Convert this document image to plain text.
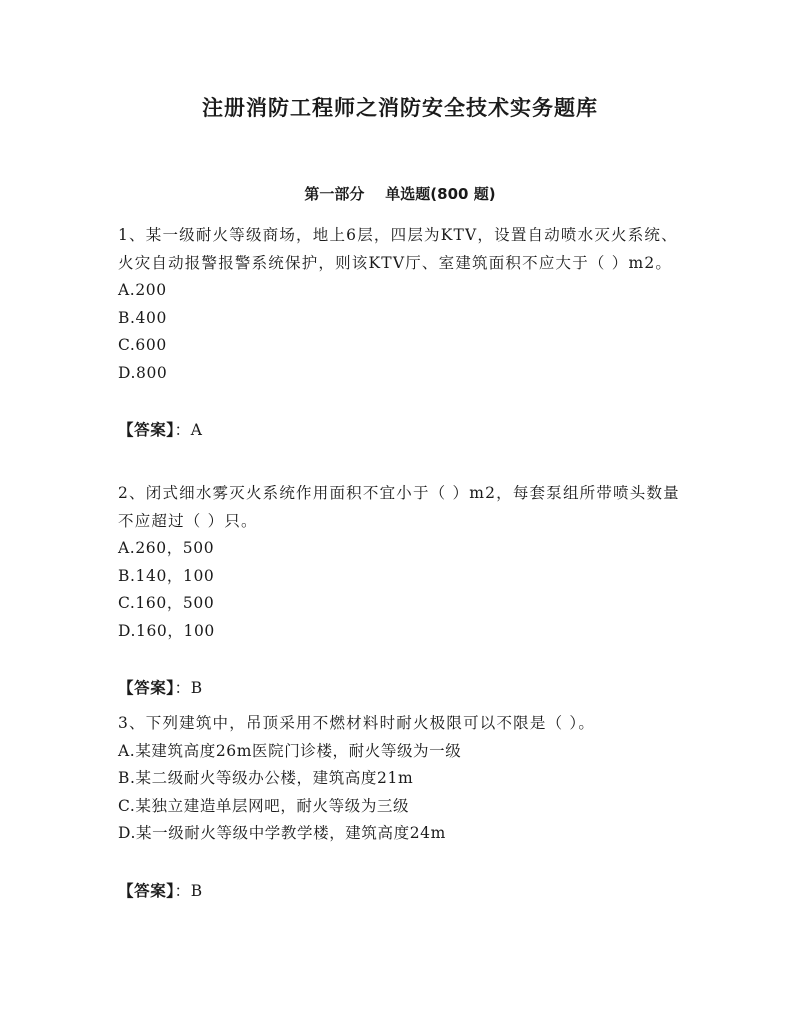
注册消防工程师之消防安全技术实务题库
第一部分    单选题(800 题)

1、某一级耐火等级商场，地上6层，四层为KTV，设置自动喷水灭火系统、火灾自动报警报警系统保护，则该KTV厅、室建筑面积不应大于（ ）m2。

A.200

B.400

C.600

D.800

【答案】：A

2、闭式细水雾灭火系统作用面积不宜小于（ ）m2，每套泵组所带喷头数量不应超过（ ）只。

A.260，500

B.140，100

C.160，500

D.160，100

【答案】：B

3、下列建筑中，吊顶采用不燃材料时耐火极限可以不限是（ ）。

A.某建筑高度26m医院门诊楼，耐火等级为一级

B.某二级耐火等级办公楼，建筑高度21m

C.某独立建造单层网吧，耐火等级为三级

D.某一级耐火等级中学教学楼，建筑高度24m

【答案】：B
